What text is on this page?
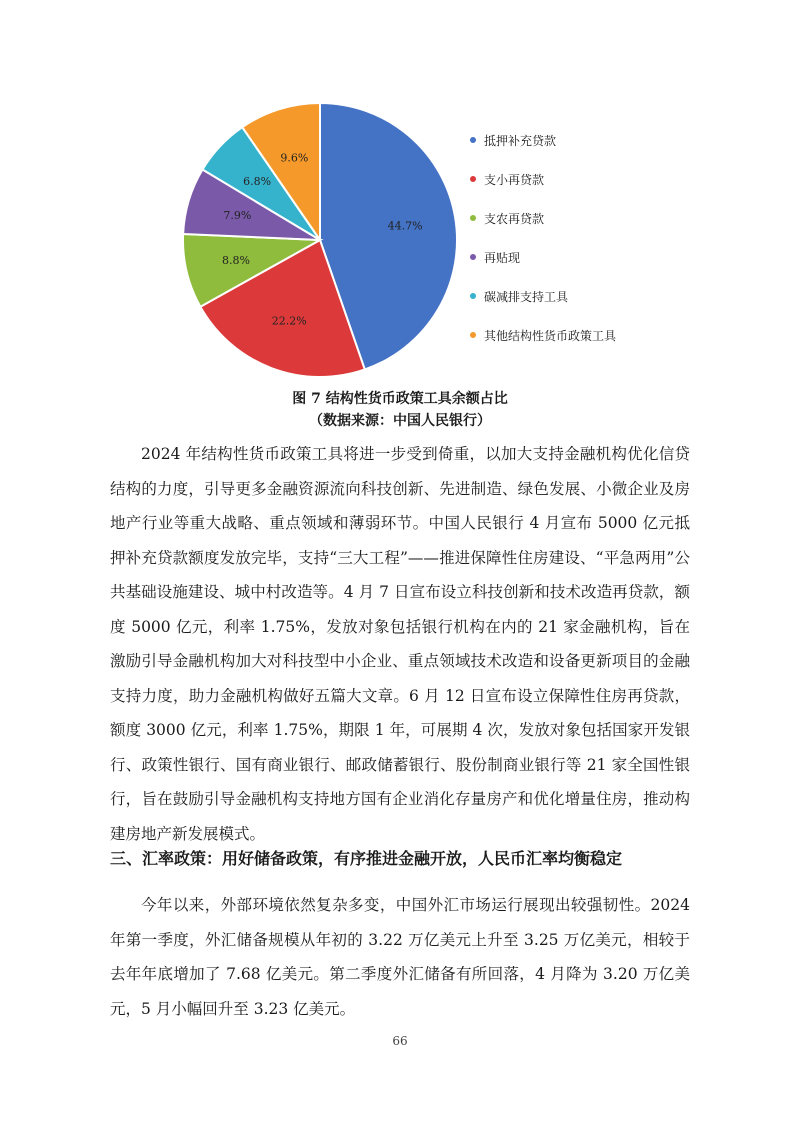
44.7%
22.2%
8.8%
7.9%
6.8%
9.6%
抵押补充贷款
支小再贷款
支农再贷款
再贴现
碳减排支持工具
其他结构性货币政策工具
图 7 结构性货币政策工具余额占比
（数据来源：中国人民银行）

2024 年结构性货币政策工具将进一步受到倚重，以加大支持金融机构优化信贷结构的力度，引导更多金融资源流向科技创新、先进制造、绿色发展、小微企业及房地产行业等重大战略、重点领域和薄弱环节。中国人民银行 4 月宣布 5000 亿元抵押补充贷款额度发放完毕，支持“三大工程”——推进保障性住房建设、“平急两用”公共基础设施建设、城中村改造等。4 月 7 日宣布设立科技创新和技术改造再贷款，额度 5000 亿元，利率 1.75%，发放对象包括银行机构在内的 21 家金融机构，旨在激励引导金融机构加大对科技型中小企业、重点领域技术改造和设备更新项目的金融支持力度，助力金融机构做好五篇大文章。6 月 12 日宣布设立保障性住房再贷款，额度 3000 亿元，利率 1.75%，期限 1 年，可展期 4 次，发放对象包括国家开发银行、政策性银行、国有商业银行、邮政储蓄银行、股份制商业银行等 21 家全国性银行，旨在鼓励引导金融机构支持地方国有企业消化存量房产和优化增量住房，推动构建房地产新发展模式。

三、汇率政策：用好储备政策，有序推进金融开放，人民币汇率均衡稳定

今年以来，外部环境依然复杂多变，中国外汇市场运行展现出较强韧性。2024 年第一季度，外汇储备规模从年初的 3.22 万亿美元上升至 3.25 万亿美元，相较于去年年底增加了 7.68 亿美元。第二季度外汇储备有所回落，4 月降为 3.20 万亿美元，5 月小幅回升至 3.23 亿美元。

66
